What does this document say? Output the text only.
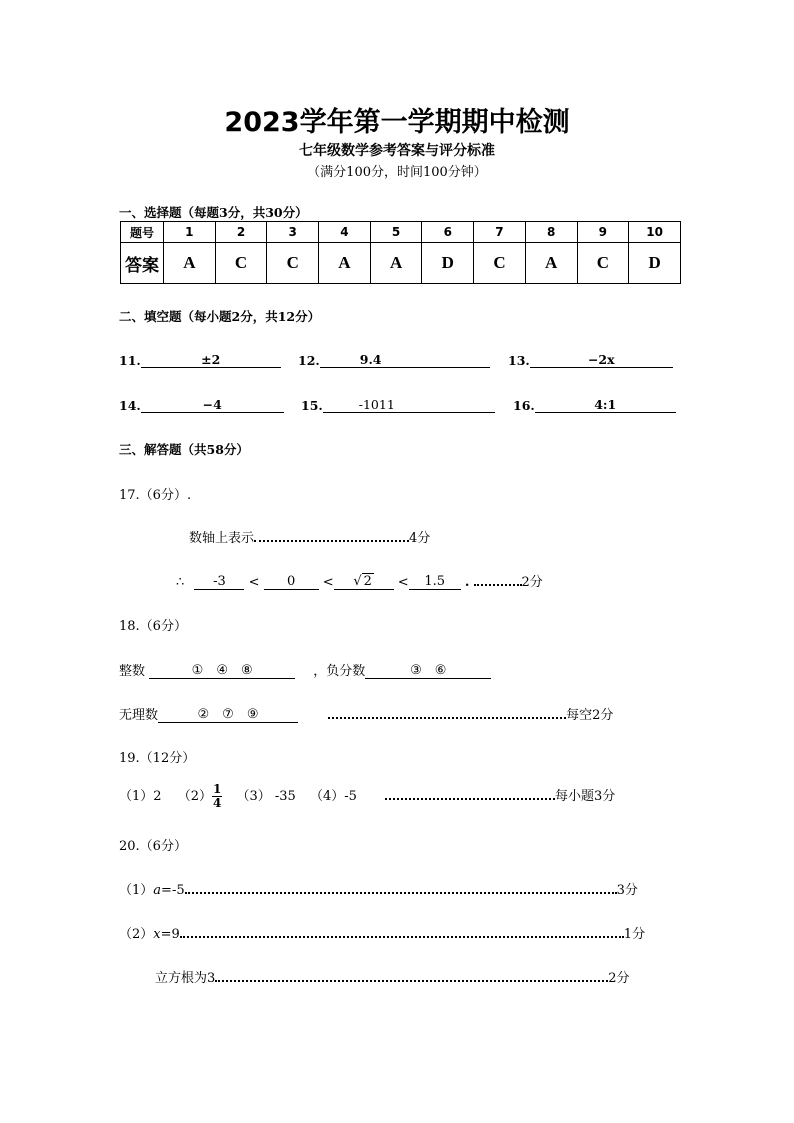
2023学年第一学期期中检测
七年级数学参考答案与评分标准
（满分100分，时间100分钟）
一、选择题（每题3分，共30分）
题号	1	2	3	4	5	6	7	8	9	10
答案	A	C	C	A	A	D	C	A	C	D
二、填空题（每小题2分，共12分）
11.	±2	12.	9.4	13.	−2x
14.	−4	15.	-1011	16.	4:1
三、解答题（共58分）
17.（6分）.
数轴上表示	4分
∴ -3 < 0 < √ 2 < 1.5 .	2分
18.（6分）
整数	①　④　⑧	，负分数	③　⑥
无理数	②　⑦　⑨	每空2分
19.（12分）
（1）2 $(2) \frac{1}{4} (3)$ -35 （4）-5	每小题3分
20.（6分）
（1）a=-5	3分
（2）x=9	1分
立方根为3	2分
